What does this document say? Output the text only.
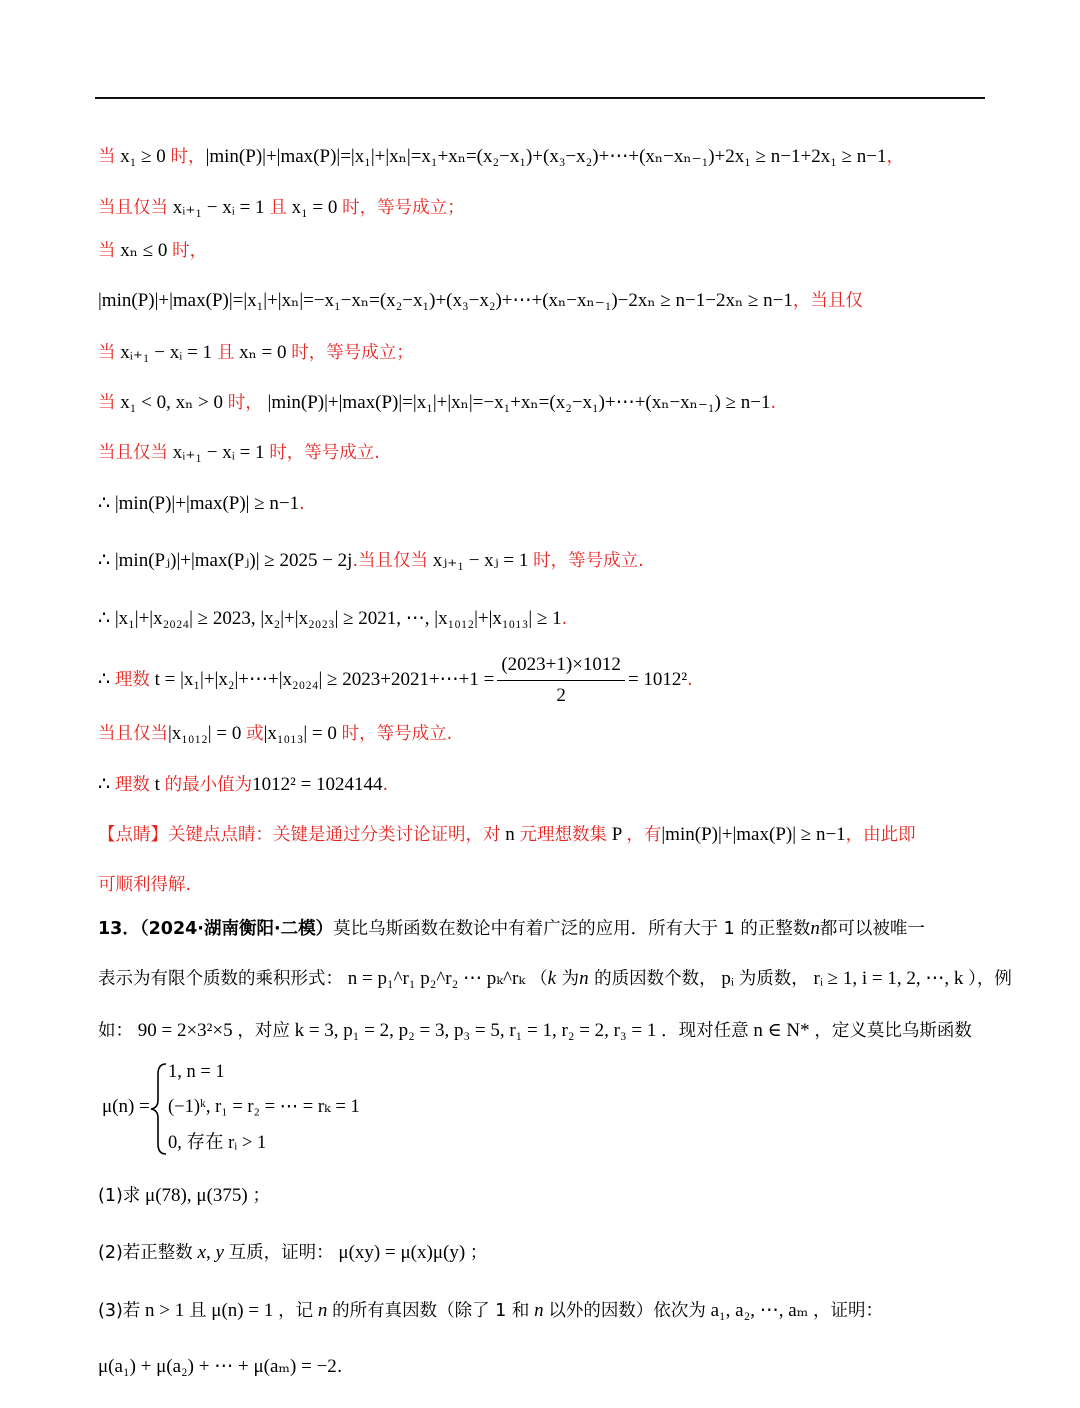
当 x₁ ≥ 0 时，|min(P)|+|max(P)|=|x₁|+|xₙ|=x₁+xₙ=(x₂−x₁)+(x₃−x₂)+⋯+(xₙ−xₙ₋₁)+2x₁ ≥ n−1+2x₁ ≥ n−1，
当且仅当 xᵢ₊₁ − xᵢ = 1 且 x₁ = 0 时，等号成立；
当 xₙ ≤ 0 时，
|min(P)|+|max(P)|=|x₁|+|xₙ|=−x₁−xₙ=(x₂−x₁)+(x₃−x₂)+⋯+(xₙ−xₙ₋₁)−2xₙ ≥ n−1−2xₙ ≥ n−1，当且仅
当 xᵢ₊₁ − xᵢ = 1 且 xₙ = 0 时，等号成立；
当 x₁ < 0, xₙ > 0 时， |min(P)|+|max(P)|=|x₁|+|xₙ|=−x₁+xₙ=(x₂−x₁)+⋯+(xₙ−xₙ₋₁) ≥ n−1.
当且仅当 xᵢ₊₁ − xᵢ = 1 时，等号成立.
∴ |min(P)|+|max(P)| ≥ n−1.
∴ |min(Pⱼ)|+|max(Pⱼ)| ≥ 2025 − 2j.当且仅当 xⱼ₊₁ − xⱼ = 1 时，等号成立.
∴ |x₁|+|x₂₀₂₄| ≥ 2023, |x₂|+|x₂₀₂₃| ≥ 2021, ⋯, |x₁₀₁₂|+|x₁₀₁₃| ≥ 1.
∴ 理数 t = |x₁|+|x₂|+⋯+|x₂₀₂₄| ≥ 2023+2021+⋯+1 = $\frac{(2023+1)\times 1012}{2} = 1012^2$.
当且仅当|x₁₀₁₂| = 0 或|x₁₀₁₃| = 0 时，等号成立.
∴ 理数 t 的最小值为1012² = 1024144.
【点睛】关键点点睛：关键是通过分类讨论证明，对 n 元理想数集 P ，有|min(P)|+|max(P)| ≥ n−1，由此即
可顺利得解.
13．（2024·湖南衡阳·二模）莫比乌斯函数在数论中有着广泛的应用．所有大于 1 的正整数n都可以被唯一
表示为有限个质数的乘积形式： n = p₁^r₁ p₂^r₂ ⋯ pₖ^rₖ （k 为n 的质因数个数， pᵢ 为质数， rᵢ ≥ 1, i = 1, 2, ⋯, k ），例
如： 90 = 2×3²×5 ，对应 k = 3, p₁ = 2, p₂ = 3, p₃ = 5, r₁ = 1, r₂ = 2, r₃ = 1 ．现对任意 n ∈ N* ，定义莫比乌斯函数
μ(n) =
1, n = 1
(−1)ᵏ, r₁ = r₂ = ⋯ = rₖ = 1
0, 存在 rᵢ > 1
(1)求 μ(78), μ(375) ；
(2)若正整数 x, y 互质，证明： μ(xy) = μ(x)μ(y) ；
(3)若 n > 1 且 μ(n) = 1 ，记 n 的所有真因数（除了 1 和 n 以外的因数）依次为 a₁, a₂, ⋯, aₘ ，证明：
μ(a₁) + μ(a₂) + ⋯ + μ(aₘ) = −2.
